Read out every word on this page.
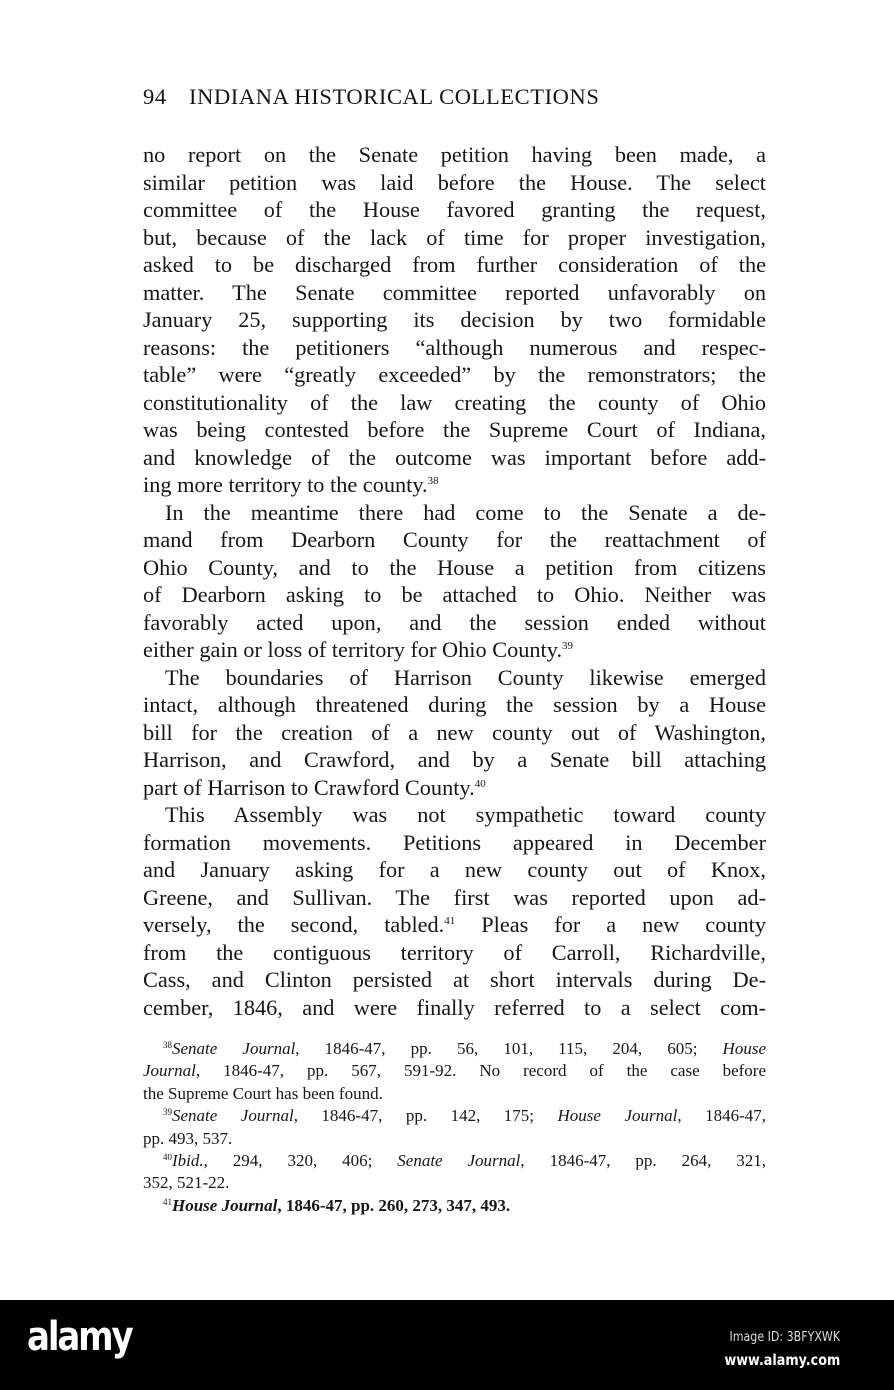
94 INDIANA HISTORICAL COLLECTIONS
no report on the Senate petition having been made, a
similar petition was laid before the House. The select
committee of the House favored granting the request,
but, because of the lack of time for proper investigation,
asked to be discharged from further consideration of the
matter. The Senate committee reported unfavorably on
January 25, supporting its decision by two formidable
reasons: the petitioners “although numerous and respec-
table” were “greatly exceeded” by the remonstrators; the
constitutionality of the law creating the county of Ohio
was being contested before the Supreme Court of Indiana,
and knowledge of the outcome was important before add-
ing more territory to the county.$^{38}$
In the meantime there had come to the Senate a de-
mand from Dearborn County for the reattachment of
Ohio County, and to the House a petition from citizens
of Dearborn asking to be attached to Ohio. Neither was
favorably acted upon, and the session ended without
either gain or loss of territory for Ohio County.$^{39}$
The boundaries of Harrison County likewise emerged
intact, although threatened during the session by a House
bill for the creation of a new county out of Washington,
Harrison, and Crawford, and by a Senate bill attaching
part of Harrison to Crawford County.$^{40}$
This Assembly was not sympathetic toward county
formation movements. Petitions appeared in December
and January asking for a new county out of Knox,
Greene, and Sullivan. The first was reported upon ad-
versely, the second, tabled.$^{41}$ Pleas for a new county
from the contiguous territory of Carroll, Richardville,
Cass, and Clinton persisted at short intervals during De-
cember, 1846, and were finally referred to a select com-
$^{38}$Senate Journal, 1846-47, pp. 56, 101, 115, 204, 605; House
Journal, 1846-47, pp. 567, 591-92. No record of the case before
the Supreme Court has been found.
$^{39}$Senate Journal, 1846-47, pp. 142, 175; House Journal, 1846-47,
pp. 493, 537.
$^{40}$Ibid., 294, 320, 406; Senate Journal, 1846-47, pp. 264, 321,
352, 521-22.
$^{41}$House Journal, 1846-47, pp. 260, 273, 347, 493.
alamy	Image ID: 3BFYXWK
www.alamy.com
